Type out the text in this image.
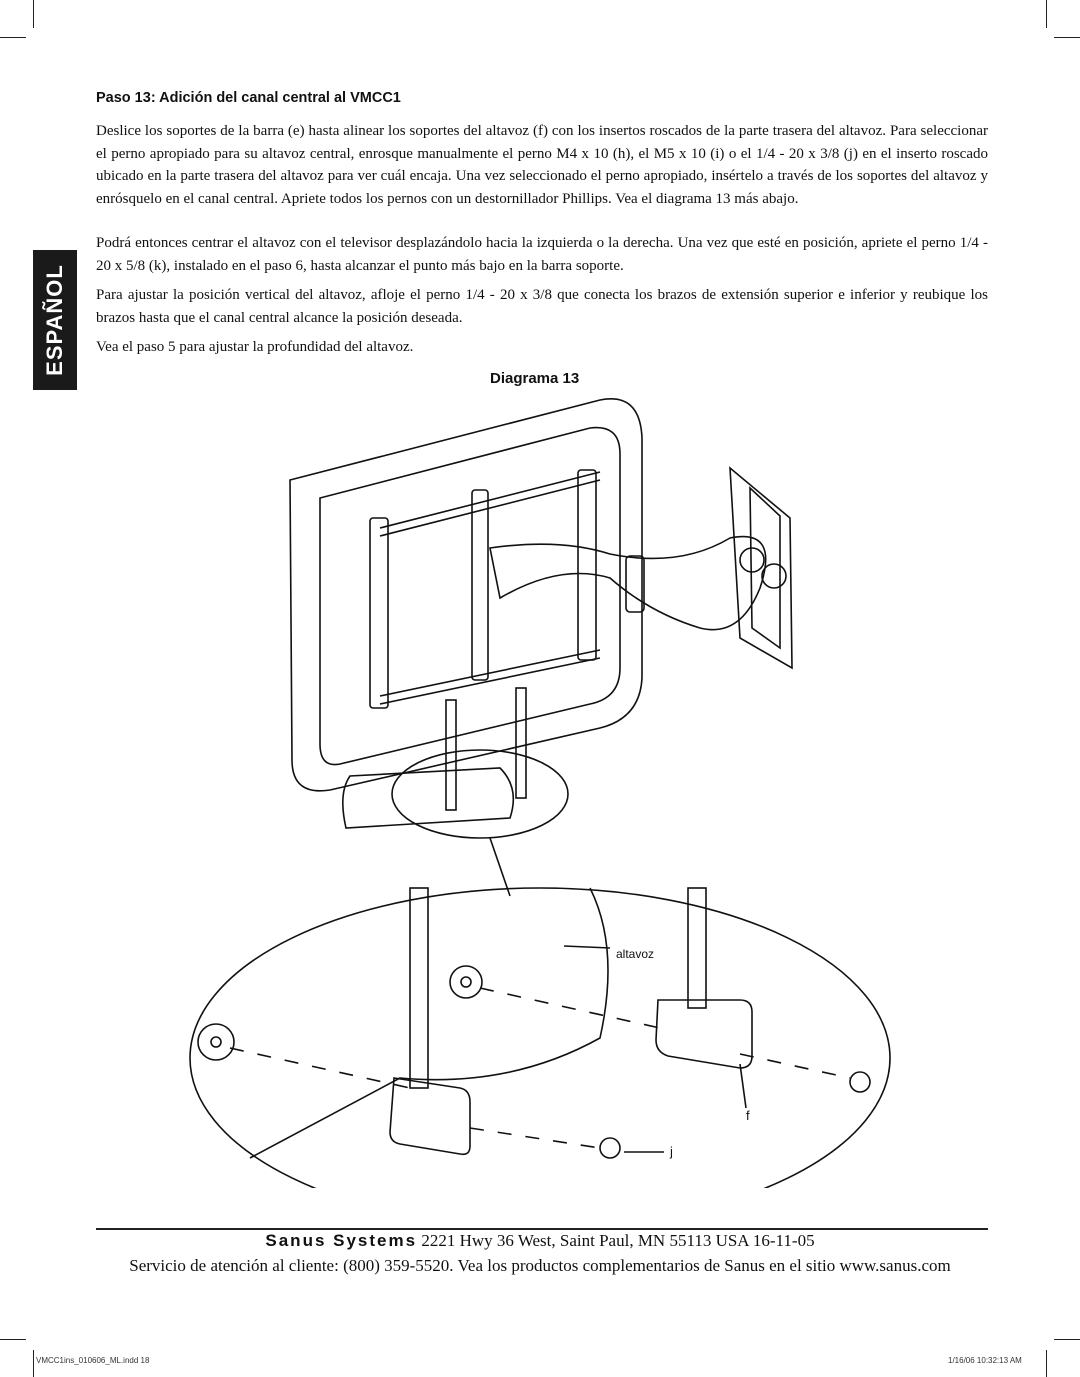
ESPAÑOL
Paso 13: Adición del canal central al VMCC1

Deslice los soportes de la barra (e) hasta alinear los soportes del altavoz (f) con los insertos roscados de la parte trasera del altavoz. Para seleccionar el perno apropiado para su altavoz central, enrosque manualmente el perno M4 x 10 (h), el M5 x 10 (i) o el 1/4 - 20 x 3/8 (j) en el inserto roscado ubicado en la parte trasera del altavoz para ver cuál encaja. Una vez seleccionado el perno apropiado, insértelo a través de los soportes del altavoz y enrósquelo en el canal central. Apriete todos los pernos con un destornillador Phillips. Vea el diagrama 13 más abajo.

Podrá entonces centrar el altavoz con el televisor desplazándolo hacia la izquierda o la derecha. Una vez que esté en posición, apriete el perno 1/4 - 20 x 5/8 (k), instalado en el paso 6, hasta alcanzar el punto más bajo en la barra soporte.

Para ajustar la posición vertical del altavoz, afloje el perno 1/4 - 20 x 3/8 que conecta los brazos de extensión superior e inferior y reubique los brazos hasta que el canal central alcance la posición deseada.

Vea el paso 5 para ajustar la profundidad del altavoz.

Diagrama 13
altavoz
f
j
Sanus Systems 2221 Hwy 36 West, Saint Paul, MN 55113 USA 16-11-05
Servicio de atención al cliente: (800) 359-5520. Vea los productos complementarios de Sanus en el sitio www.sanus.com
VMCC1ins_010606_ML.indd 18	1/16/06 10:32:13 AM
